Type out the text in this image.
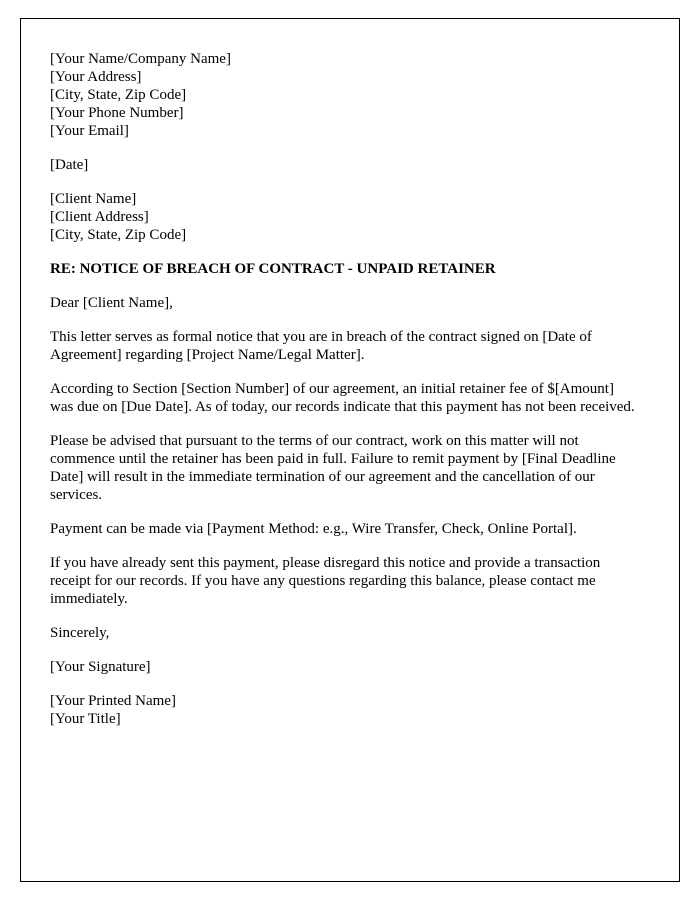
[Your Name/Company Name]
[Your Address]
[City, State, Zip Code]
[Your Phone Number]
[Your Email]
[Date]
[Client Name]
[Client Address]
[City, State, Zip Code]
RE: NOTICE OF BREACH OF CONTRACT - UNPAID RETAINER
Dear [Client Name],
This letter serves as formal notice that you are in breach of the contract signed on [Date of Agreement] regarding [Project Name/Legal Matter].
According to Section [Section Number] of our agreement, an initial retainer fee of $[Amount] was due on [Due Date]. As of today, our records indicate that this payment has not been received.
Please be advised that pursuant to the terms of our contract, work on this matter will not commence until the retainer has been paid in full. Failure to remit payment by [Final Deadline Date] will result in the immediate termination of our agreement and the cancellation of our services.
Payment can be made via [Payment Method: e.g., Wire Transfer, Check, Online Portal].
If you have already sent this payment, please disregard this notice and provide a transaction receipt for our records. If you have any questions regarding this balance, please contact me immediately.
Sincerely,
[Your Signature]
[Your Printed Name]
[Your Title]
